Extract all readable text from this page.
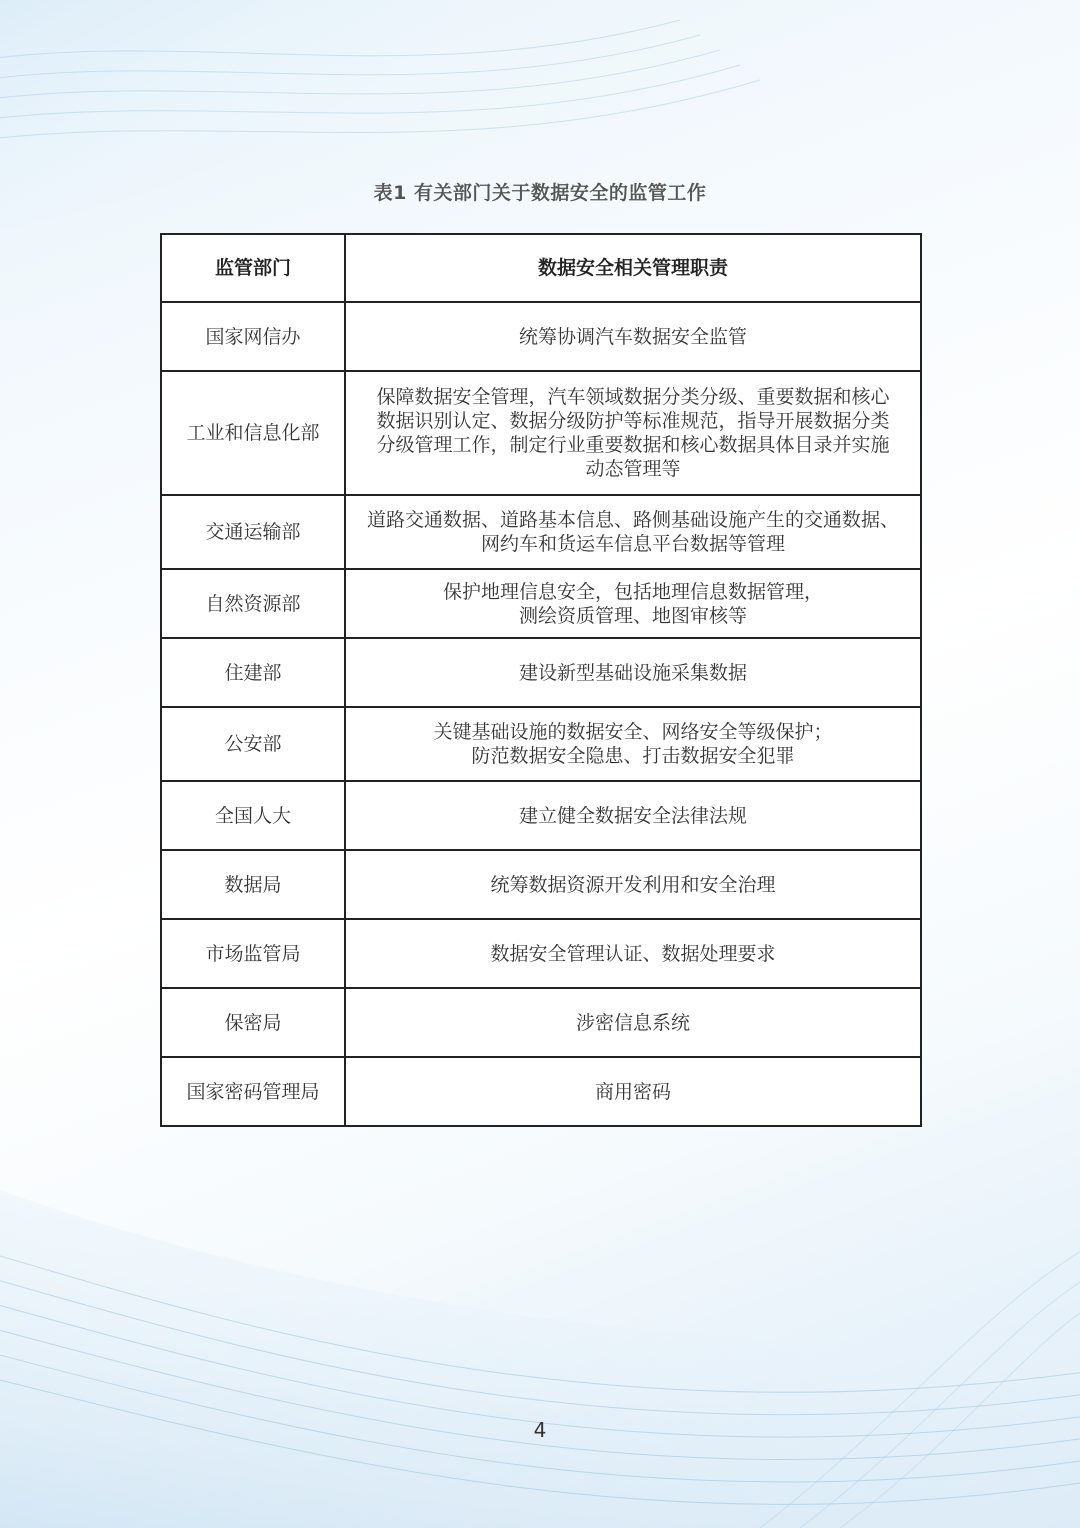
表1 有关部门关于数据安全的监管工作
监管部门	数据安全相关管理职责
国家网信办	统筹协调汽车数据安全监管
工业和信息化部	保障数据安全管理，汽车领域数据分类分级、重要数据和核心
数据识别认定、数据分级防护等标准规范，指导开展数据分类
分级管理工作，制定行业重要数据和核心数据具体目录并实施
动态管理等
交通运输部	道路交通数据、道路基本信息、路侧基础设施产生的交通数据、
网约车和货运车信息平台数据等管理
自然资源部	保护地理信息安全，包括地理信息数据管理，
测绘资质管理、地图审核等
住建部	建设新型基础设施采集数据
公安部	关键基础设施的数据安全、网络安全等级保护；
防范数据安全隐患、打击数据安全犯罪
全国人大	建立健全数据安全法律法规
数据局	统筹数据资源开发利用和安全治理
市场监管局	数据安全管理认证、数据处理要求
保密局	涉密信息系统
国家密码管理局	商用密码
4
